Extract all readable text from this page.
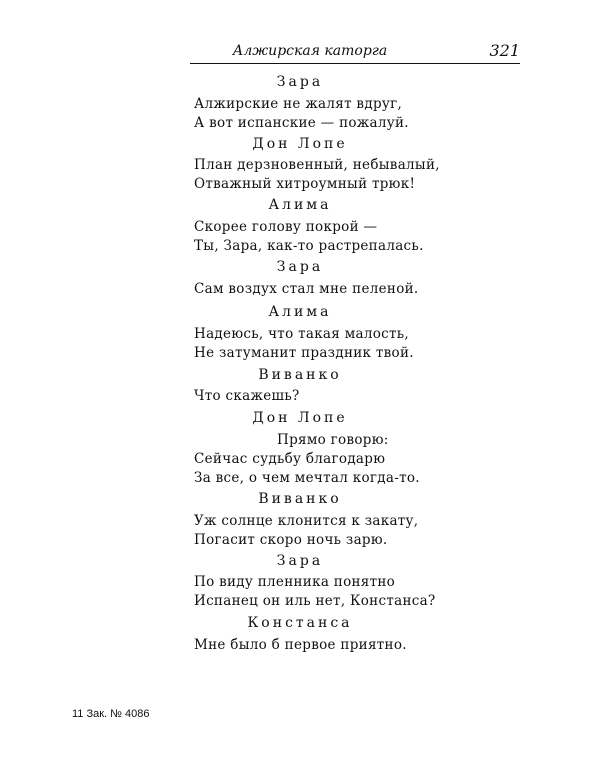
Алжирская каторга	321
Зара
Алжирские не жалят вдруг,
А вот испанские — пожалуй.
Дон Лопе
План дерзновенный, небывалый,
Отважный хитроумный трюк!
Алима
Скорее голову покрой —
Ты, Зара, как-то растрепалась.
Зара
Сам воздух стал мне пеленой.
Алима
Надеюсь, что такая малость,
Не затуманит праздник твой.
Виванко
Что скажешь?
Дон Лопе
Прямо говорю:
Сейчас судьбу благодарю
За все, о чем мечтал когда-то.
Виванко
Уж солнце клонится к закату,
Погасит скоро ночь зарю.
Зара
По виду пленника понятно
Испанец он иль нет, Констанса?
Констанса
Мне было б первое приятно.
11 Зак. № 4086
